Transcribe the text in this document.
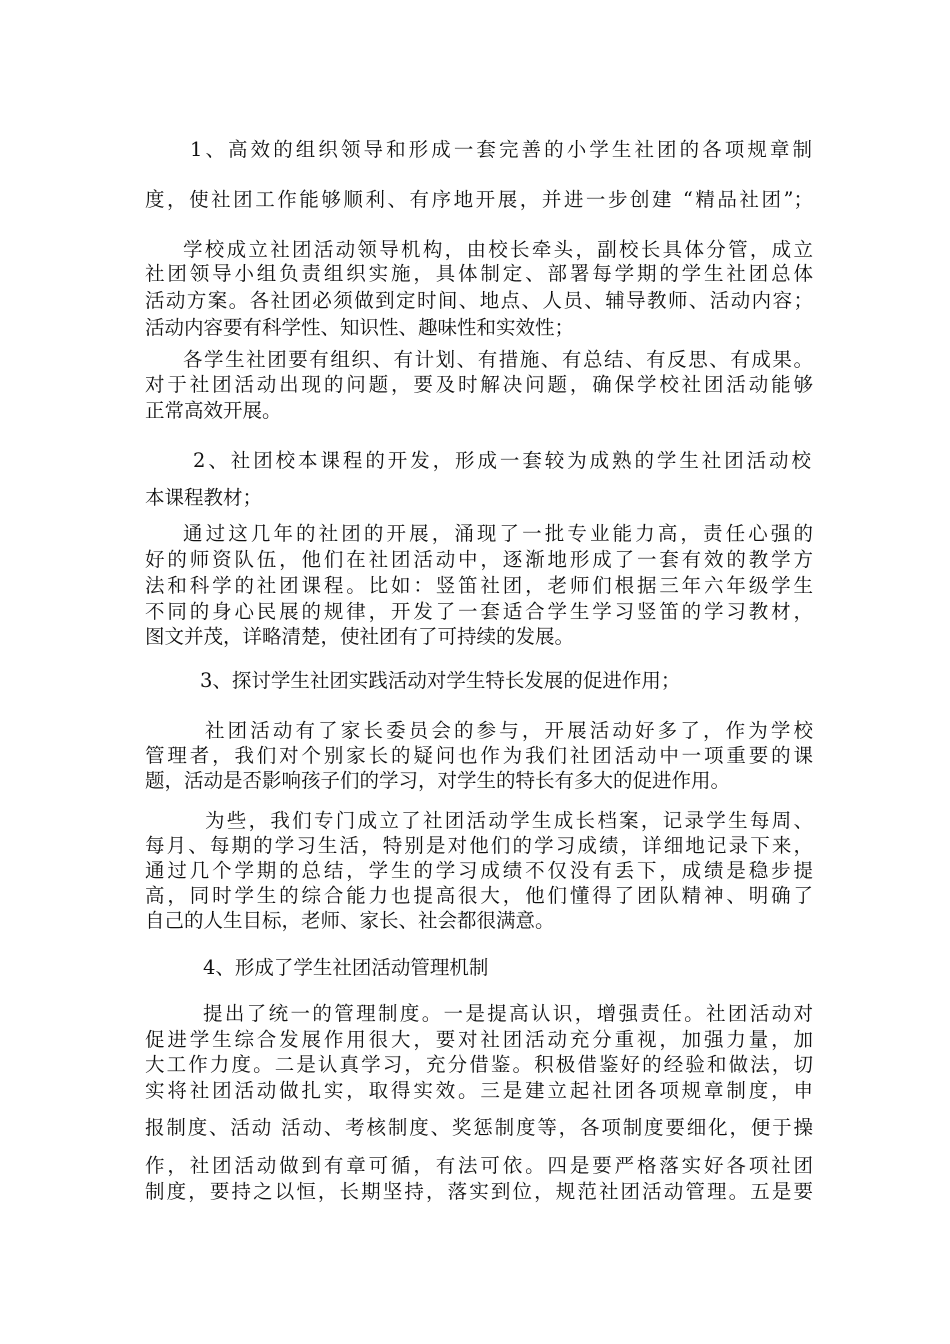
1、高效的组织领导和形成一套完善的小学生社团的各项规章制
度，使社团工作能够顺利、有序地开展，并进一步创建 “精品社团”；
学校成立社团活动领导机构，由校长牵头，副校长具体分管，成立
社团领导小组负责组织实施，具体制定、部署每学期的学生社团总体
活动方案。各社团必须做到定时间、地点、人员、辅导教师、活动内容；
活动内容要有科学性、知识性、趣味性和实效性；
各学生社团要有组织、有计划、有措施、有总结、有反思、有成果。
对于社团活动出现的问题，要及时解决问题，确保学校社团活动能够
正常高效开展。
2、社团校本课程的开发，形成一套较为成熟的学生社团活动校
本课程教材；
通过这几年的社团的开展，涌现了一批专业能力高，责任心强的
好的师资队伍，他们在社团活动中，逐渐地形成了一套有效的教学方
法和科学的社团课程。比如：竖笛社团，老师们根据三年六年级学生
不同的身心民展的规律，开发了一套适合学生学习竖笛的学习教材，
图文并茂，详略清楚，使社团有了可持续的发展。
3、探讨学生社团实践活动对学生特长发展的促进作用；
社团活动有了家长委员会的参与，开展活动好多了，作为学校
管理者，我们对个别家长的疑问也作为我们社团活动中一项重要的课
题，活动是否影响孩子们的学习，对学生的特长有多大的促进作用。
为些，我们专门成立了社团活动学生成长档案，记录学生每周、
每月、每期的学习生活，特别是对他们的学习成绩，详细地记录下来，
通过几个学期的总结，学生的学习成绩不仅没有丢下，成绩是稳步提
高，同时学生的综合能力也提高很大，他们懂得了团队精神、明确了
自己的人生目标，老师、家长、社会都很满意。
4、形成了学生社团活动管理机制
提出了统一的管理制度。一是提高认识，增强责任。社团活动对
促进学生综合发展作用很大，要对社团活动充分重视，加强力量，加
大工作力度。二是认真学习，充分借鉴。积极借鉴好的经验和做法，切
实将社团活动做扎实，取得实效。三是建立起社团各项规章制度，申
报制度、活动 活动、考核制度、奖惩制度等，各项制度要细化，便于操
作，社团活动做到有章可循，有法可依。四是要严格落实好各项社团
制度，要持之以恒，长期坚持，落实到位，规范社团活动管理。五是要
